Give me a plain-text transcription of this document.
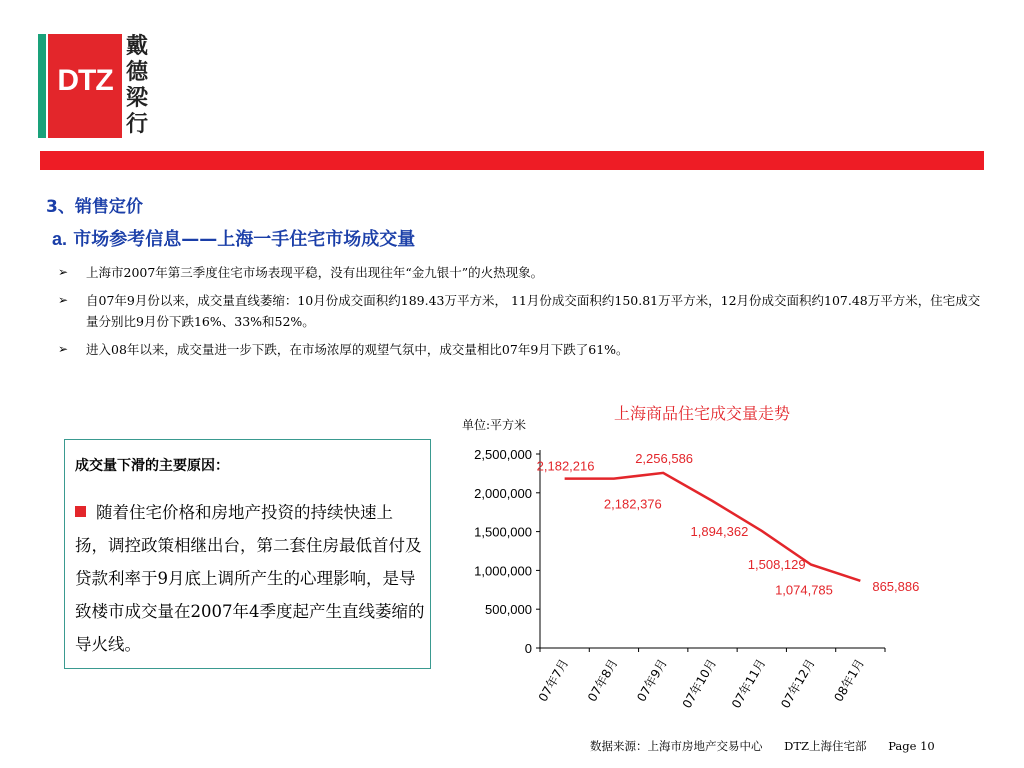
DTZ
戴
德
梁
行
3、销售定价
a. 市场参考信息——上海一手住宅市场成交量
➢ 上海市2007年第三季度住宅市场表现平稳，没有出现往年“金九银十”的火热现象。
➢ 自07年9月份以来，成交量直线萎缩：10月份成交面积约189.43万平方米， 11月份成交面积约150.81万平方米，12月份成交面积约107.48万平方米，住宅成交量分别比9月份下跌16%、33%和52%。
➢ 进入08年以来，成交量进一步下跌，在市场浓厚的观望气氛中，成交量相比07年9月下跌了61%。
成交量下滑的主要原因：
随着住宅价格和房地产投资的持续快速上扬，调控政策相继出台，第二套住房最低首付及贷款利率于9月底上调所产生的心理影响，是导致楼市成交量在2007年4季度起产生直线萎缩的导火线。
单位:平方米
上海商品住宅成交量走势
0
500,000
1,000,000
1,500,000
2,000,000
2,500,000
07年7月 07年8月 07年9月 07年10月 07年11月 07年12月 08年1月
2,182,216
2,182,376
2,256,586
1,894,362
1,508,129
1,074,785	865,886
数据来源：上海市房地产交易中心 DTZ上海住宅部 Page 10
